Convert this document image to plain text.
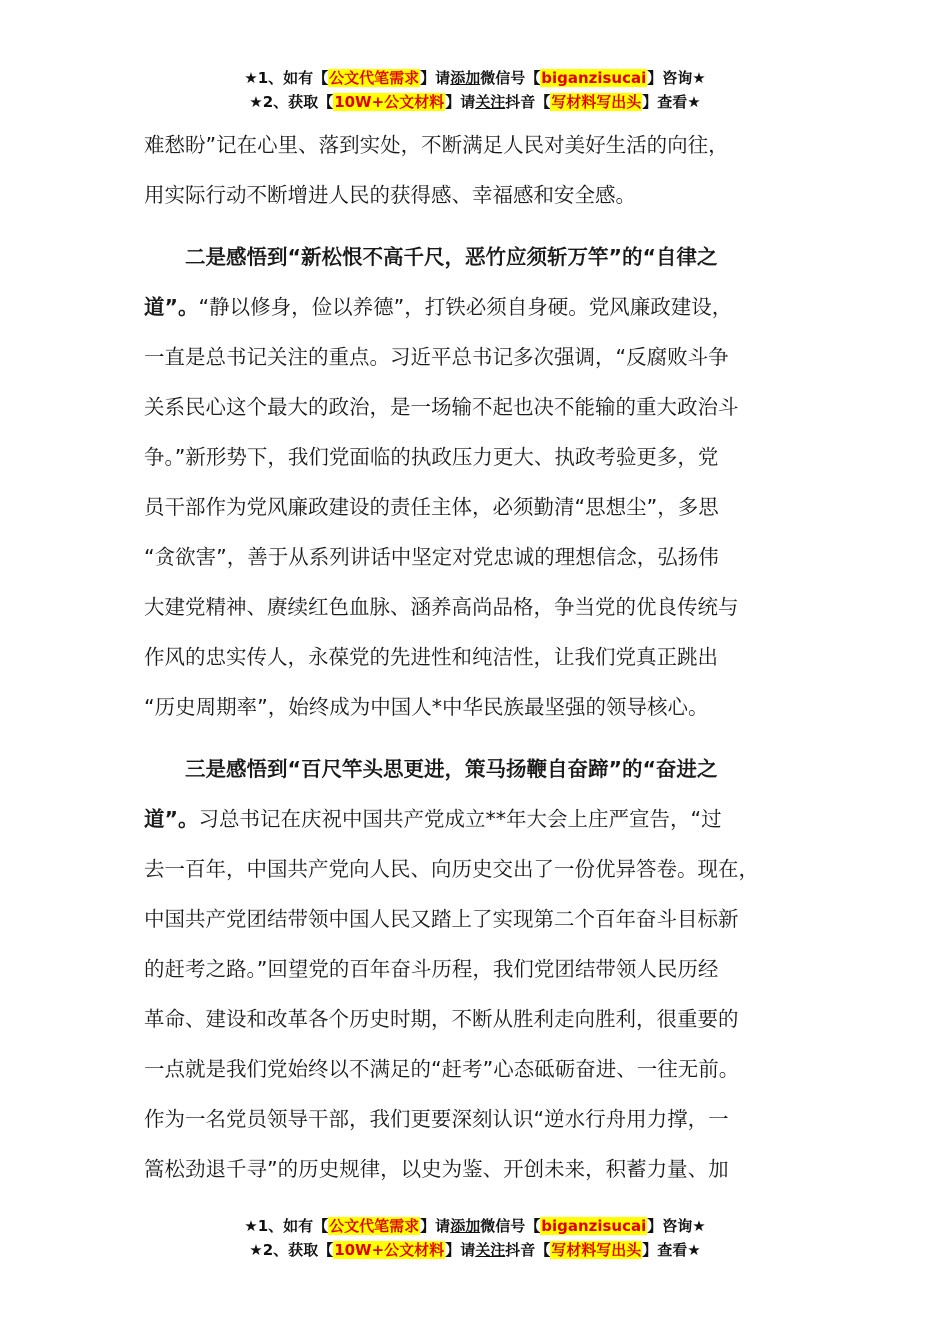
★1、如有【公文代笔需求】请添加微信号【biganzisucai】咨询★
★2、获取【10W+公文材料】请关注抖音【写材料写出头】查看★

难愁盼”记在心里、落到实处，不断满足人民对美好生活的向往，

用实际行动不断增进人民的获得感、幸福感和安全感。

二是感悟到“新松恨不高千尺，恶竹应须斩万竿”的“自律之

道”。“静以修身，俭以养德”，打铁必须自身硬。党风廉政建设，

一直是总书记关注的重点。习近平总书记多次强调，“反腐败斗争

关系民心这个最大的政治，是一场输不起也决不能输的重大政治斗

争。”新形势下，我们党面临的执政压力更大、执政考验更多，党

员干部作为党风廉政建设的责任主体，必须勤清“思想尘”，多思

“贪欲害”，善于从系列讲话中坚定对党忠诚的理想信念，弘扬伟

大建党精神、赓续红色血脉、涵养高尚品格，争当党的优良传统与

作风的忠实传人，永葆党的先进性和纯洁性，让我们党真正跳出

“历史周期率”，始终成为中国人*中华民族最坚强的领导核心。

三是感悟到“百尺竿头思更进，策马扬鞭自奋蹄”的“奋进之

道”。习总书记在庆祝中国共产党成立**年大会上庄严宣告，“过

去一百年，中国共产党向人民、向历史交出了一份优异答卷。现在，

中国共产党团结带领中国人民又踏上了实现第二个百年奋斗目标新

的赶考之路。”回望党的百年奋斗历程，我们党团结带领人民历经

革命、建设和改革各个历史时期，不断从胜利走向胜利，很重要的

一点就是我们党始终以不满足的“赶考”心态砥砺奋进、一往无前。

作为一名党员领导干部，我们更要深刻认识“逆水行舟用力撑，一

篙松劲退千寻”的历史规律，以史为鉴、开创未来，积蓄力量、加

★1、如有【公文代笔需求】请添加微信号【biganzisucai】咨询★
★2、获取【10W+公文材料】请关注抖音【写材料写出头】查看★
